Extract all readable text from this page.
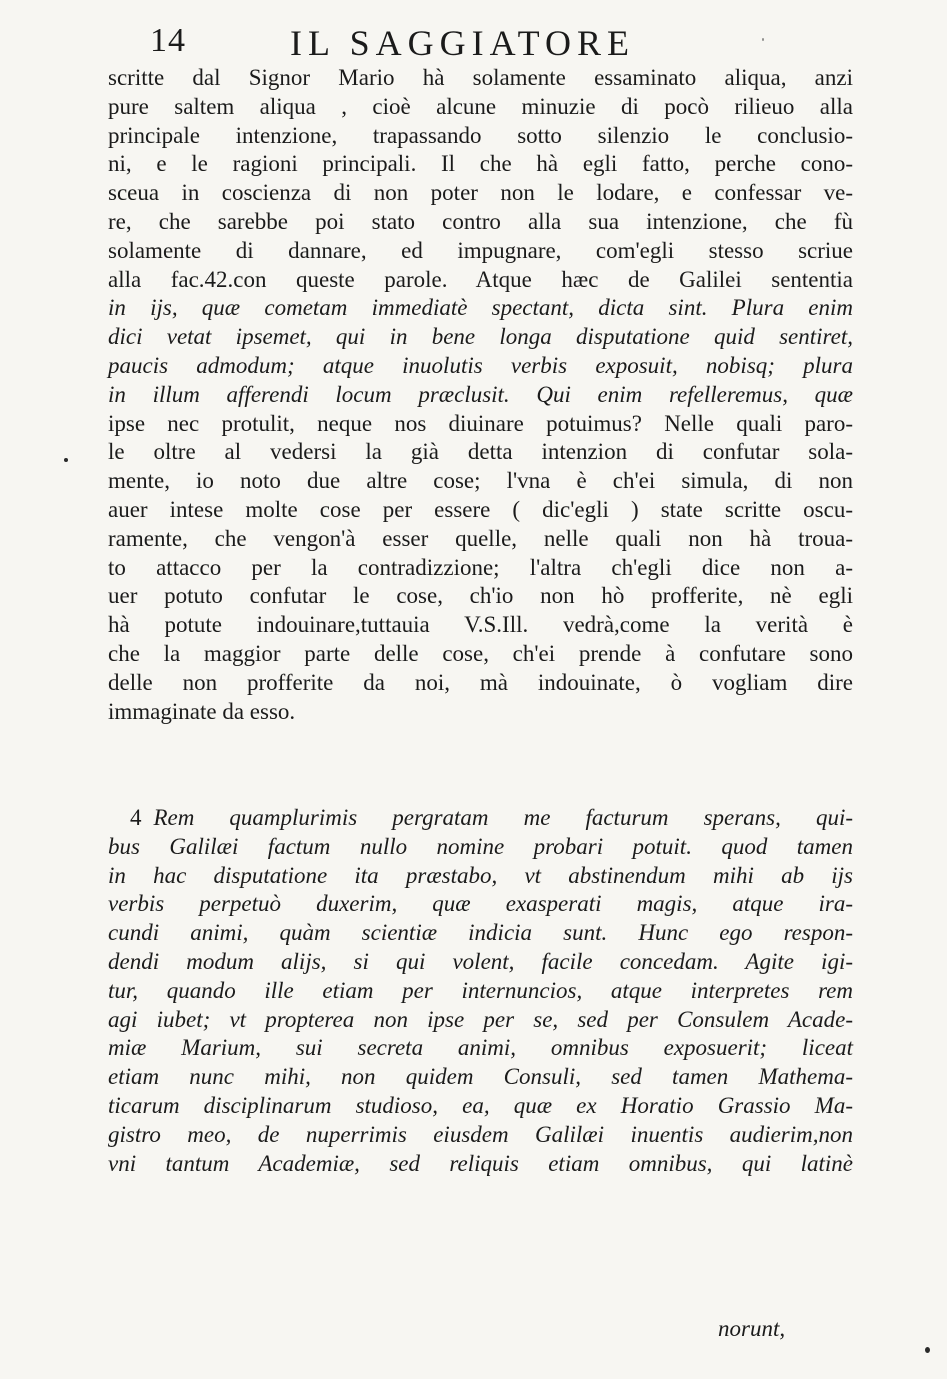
14	IL SAGGIATORE
scritte dal Signor Mario hà solamente essaminato aliqua, anzi
pure saltem aliqua , cioè alcune minuzie di pocò rilieuo alla
principale intenzione, trapassando sotto silenzio le conclusio-
ni, e le ragioni principali. Il che hà egli fatto, perche cono-
sceua in coscienza di non poter non le lodare, e confessar ve-
re, che sarebbe poi stato contro alla sua intenzione, che fù
solamente di dannare, ed impugnare, com'egli stesso scriue
alla fac.42.con queste parole. Atque hæc de Galilei sententia
in ijs, quæ cometam immediatè spectant, dicta sint. Plura enim
dici vetat ipsemet, qui in bene longa disputatione quid sentiret,
paucis admodum; atque inuolutis verbis exposuit, nobisq; plura
in illum afferendi locum præclusit. Qui enim refelleremus, quæ
ipse nec protulit, neque nos diuinare potuimus? Nelle quali paro-
le oltre al vedersi la già detta intenzion di confutar sola-
mente, io noto due altre cose; l'vna è ch'ei simula, di non
auer intese molte cose per essere ( dic'egli ) state scritte oscu-
ramente, che vengon'à esser quelle, nelle quali non hà troua-
to attacco per la contradizzione; l'altra ch'egli dice non a-
uer potuto confutar le cose, ch'io non hò profferite, nè egli
hà potute indouinare,tuttauia V.S.Ill. vedrà,come la verità è
che la maggior parte delle cose, ch'ei prende à confutare sono
delle non profferite da noi, mà indouinate, ò vogliam dire
immaginate da esso.
4 Rem quamplurimis pergratam me facturum sperans, qui-
bus Galilæi factum nullo nomine probari potuit. quod tamen
in hac disputatione ita præstabo, vt abstinendum mihi ab ijs
verbis perpetuò duxerim, quæ exasperati magis, atque ira-
cundi animi, quàm scientiæ indicia sunt. Hunc ego respon-
dendi modum alijs, si qui volent, facile concedam. Agite igi-
tur, quando ille etiam per internuncios, atque interpretes rem
agi iubet; vt propterea non ipse per se, sed per Consulem Acade-
miæ Marium, sui secreta animi, omnibus exposuerit; liceat
etiam nunc mihi, non quidem Consuli, sed tamen Mathema-
ticarum disciplinarum studioso, ea, quæ ex Horatio Grassio Ma-
gistro meo, de nuperrimis eiusdem Galilæi inuentis audierim,non
vni tantum Academiæ, sed reliquis etiam omnibus, qui latinè
norunt,
